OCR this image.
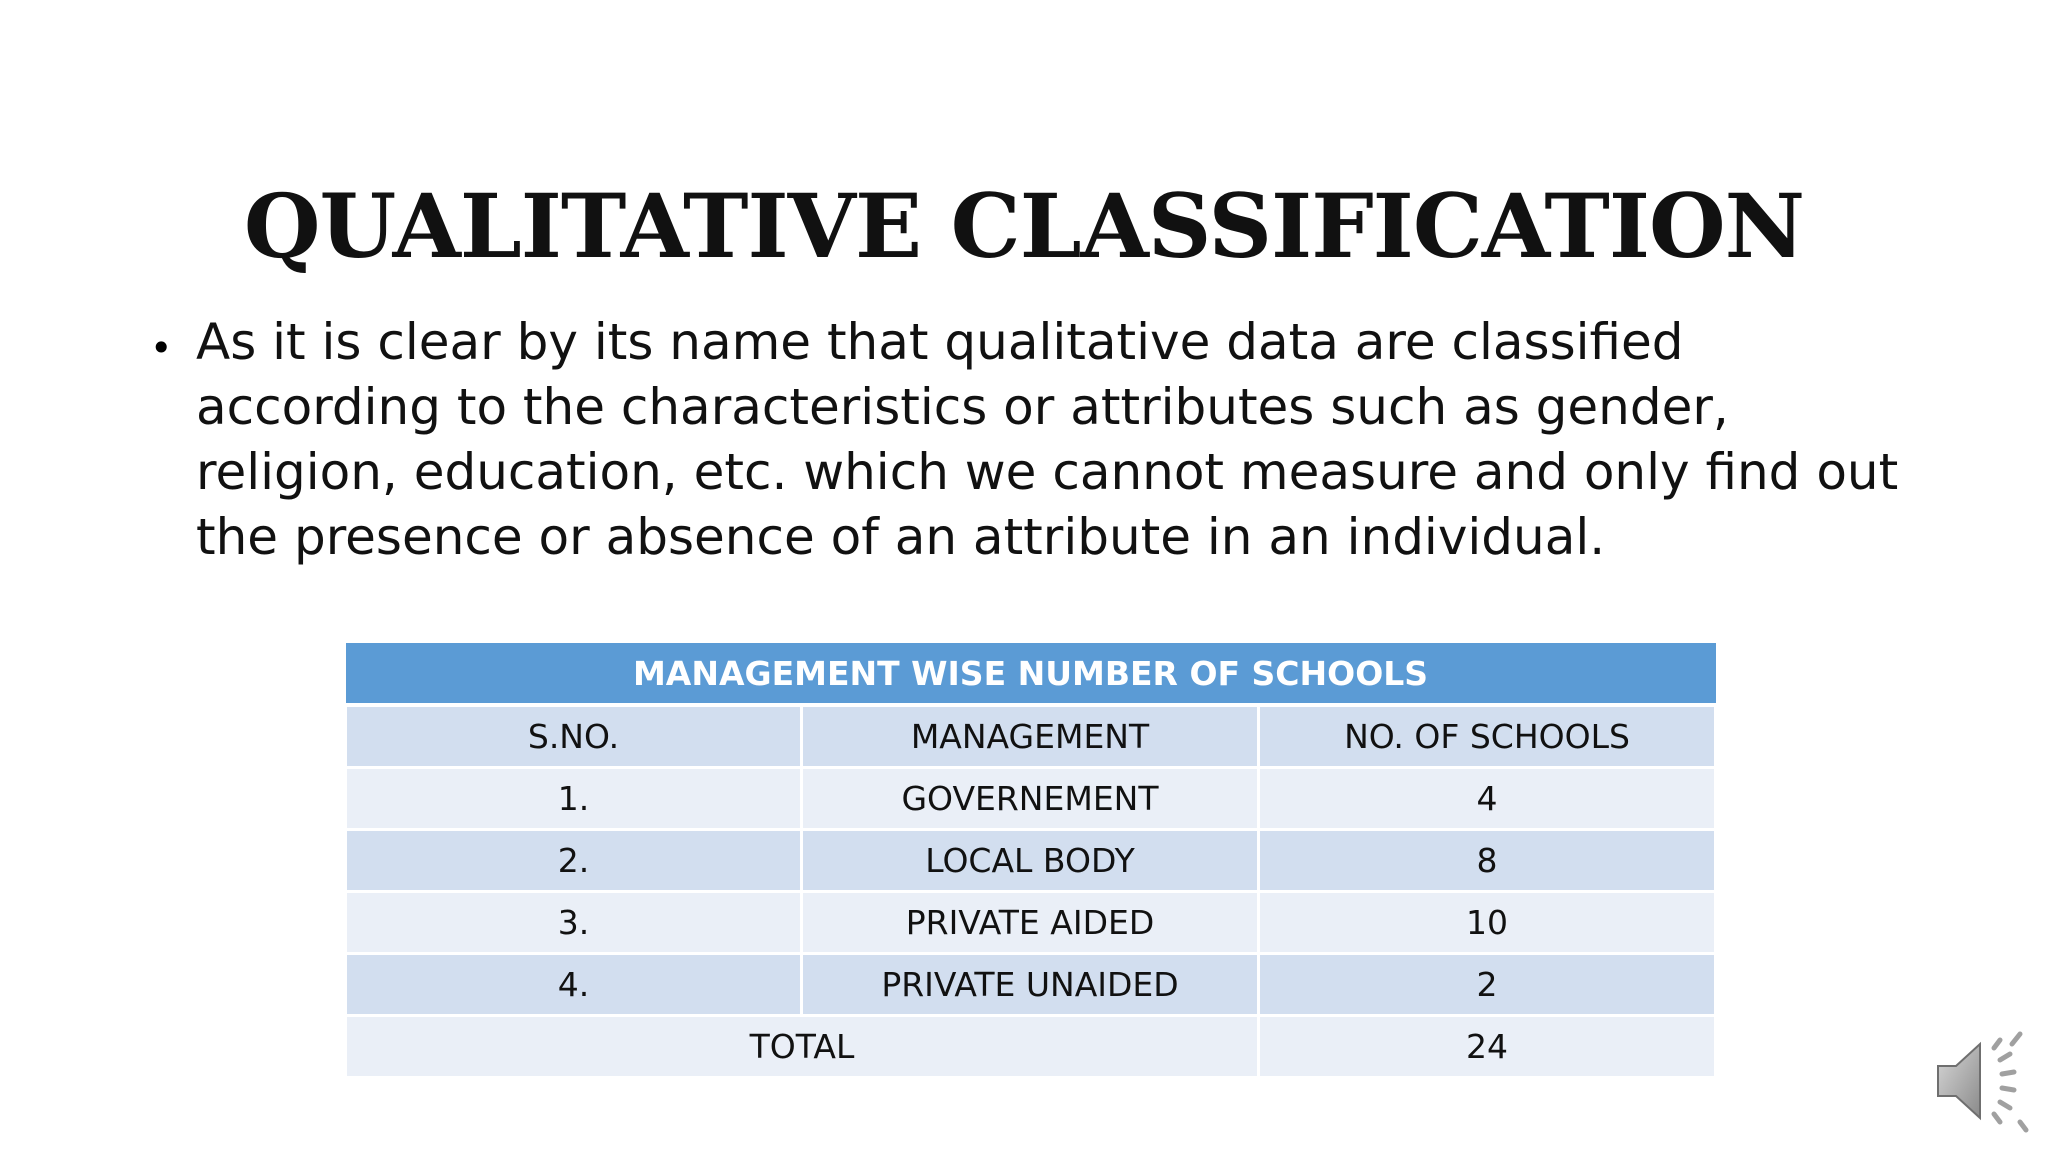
QUALITATIVE CLASSIFICATION
• As it is clear by its name that qualitative data are classified according to the characteristics or attributes such as gender, religion, education, etc. which we cannot measure and only find out the presence or absence of an attribute in an individual.
MANAGEMENT WISE NUMBER OF SCHOOLS		
S.NO.	MANAGEMENT	NO. OF SCHOOLS
1.	GOVERNEMENT	4
2.	LOCAL BODY	8
3.	PRIVATE AIDED	10
4.	PRIVATE UNAIDED	2
TOTAL		24
